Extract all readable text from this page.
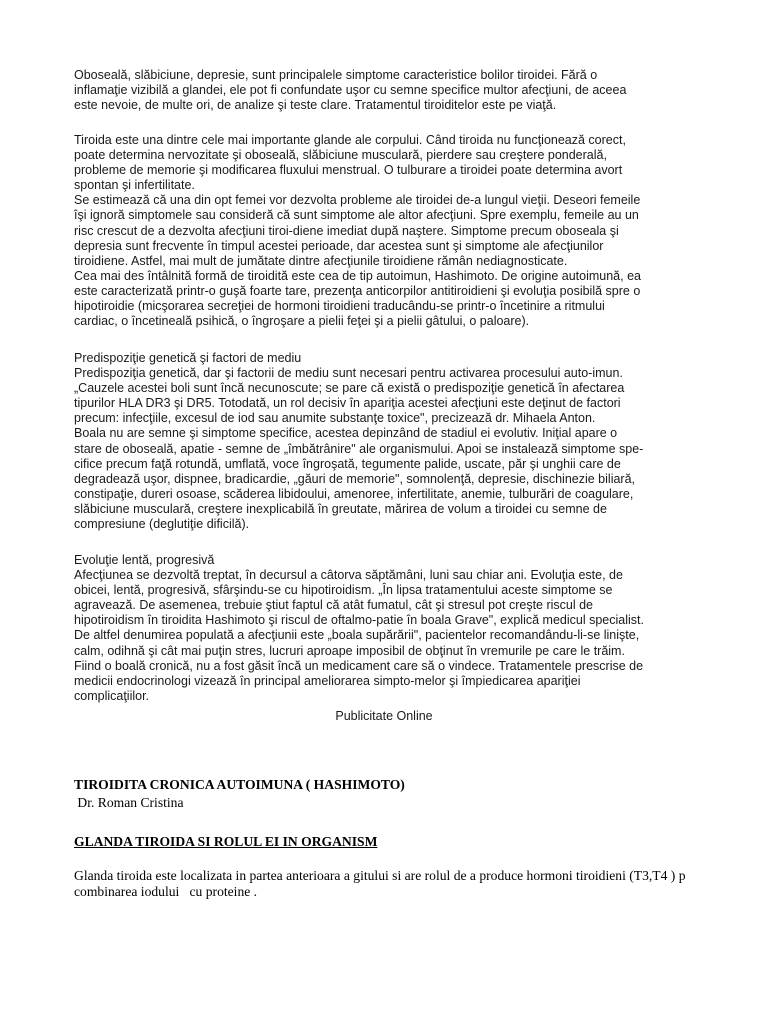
Oboseală, slăbiciune, depresie, sunt principalele simptome caracteristice bolilor tiroidei. Fără o
inflamaţie vizibilă a glandei, ele pot fi confundate uşor cu semne specifice multor afecţiuni, de aceea
este nevoie, de multe ori, de analize şi teste clare. Tratamentul tiroiditelor este pe viaţă.
Tiroida este una dintre cele mai importante glande ale corpului. Când tiroida nu funcţionează corect,
poate determina nervozitate şi oboseală, slăbiciune musculară, pierdere sau creştere ponderală,
probleme de memorie şi modificarea fluxului menstrual. O tulburare a tiroidei poate determina avort
spontan şi infertilitate.
Se estimează că una din opt femei vor dezvolta probleme ale tiroidei de-a lungul vieţii. Deseori femeile
îşi ignoră simptomele sau consideră că sunt simptome ale altor afecţiuni. Spre exemplu, femeile au un
risc crescut de a dezvolta afecţiuni tiroi-diene imediat după naştere. Simptome precum oboseala şi
depresia sunt frecvente în timpul acestei perioade, dar acestea sunt şi simptome ale afecţiunilor
tiroidiene. Astfel, mai mult de jumătate dintre afecţiunile tiroidiene rămân nediagnosticate.
Cea mai des întâlnită formă de tiroidită este cea de tip autoimun, Hashimoto. De origine autoimună, ea
este caracterizată printr-o guşă foarte tare, prezenţa anticorpilor antitiroidieni şi evoluţia posibilă spre o
hipotiroidie (micşorarea secreţiei de hormoni tiroidieni traducându-se printr-o încetinire a ritmului
cardiac, o încetineală psihică, o îngroşare a pielii feţei şi a pielii gâtului, o paloare).
Predispoziţie genetică şi factori de mediu
Predispoziţia genetică, dar şi factorii de mediu sunt necesari pentru activarea procesului auto-imun.
„Cauzele acestei boli sunt încă necunoscute; se pare că există o predispoziţie genetică în afectarea
tipurilor HLA DR3 şi DR5. Totodată, un rol decisiv în apariţia acestei afecţiuni este deţinut de factori
precum: infecţiile, excesul de iod sau anumite substanţe toxice", precizează dr. Mihaela Anton.
Boala nu are semne şi simptome specifice, acestea depinzând de stadiul ei evolutiv. Iniţial apare o
stare de oboseală, apatie - semne de „îmbătrânire" ale organismului. Apoi se instalează simptome spe-
cifice precum faţă rotundă, umflată, voce îngroşată, tegumente palide, uscate, păr şi unghii care de
degradează uşor, dispnee, bradicardie, „găuri de memorie", somnolenţă, depresie, dischinezie biliară,
constipaţie, dureri osoase, scăderea libidoului, amenoree, infertilitate, anemie, tulburări de coagulare,
slăbiciune musculară, creştere inexplicabilă în greutate, mărirea de volum a tiroidei cu semne de
compresiune (deglutiţie dificilă).
Evoluţie lentă, progresivă
Afecţiunea se dezvoltă treptat, în decursul a câtorva săptămâni, luni sau chiar ani. Evoluţia este, de
obicei, lentă, progresivă, sfârşindu-se cu hipotiroidism. „În lipsa tratamentului aceste simptome se
agravează. De asemenea, trebuie ştiut faptul că atât fumatul, cât şi stresul pot creşte riscul de
hipotiroidism în tiroidita Hashimoto şi riscul de oftalmo-patie în boala Grave", explică medicul specialist.
De altfel denumirea populată a afecţiunii este „boala supărării", pacientelor recomandându-li-se linişte,
calm, odihnă şi cât mai puţin stres, lucruri aproape imposibil de obţinut în vremurile pe care le trăim.
Fiind o boală cronică, nu a fost găsit încă un medicament care să o vindece. Tratamentele prescrise de
medicii endocrinologi vizează în principal ameliorarea simpto-melor şi împiedicarea apariţiei
complicaţiilor.
Publicitate Online
TIROIDITA CRONICA AUTOIMUNA ( HASHIMOTO)
Dr. Roman Cristina
GLANDA TIROIDA SI ROLUL EI IN ORGANISM
Glanda tiroida este localizata in partea anterioara a gitului si are rolul de a produce hormoni tiroidieni (T3,T4 ) p
combinarea iodului   cu proteine .
